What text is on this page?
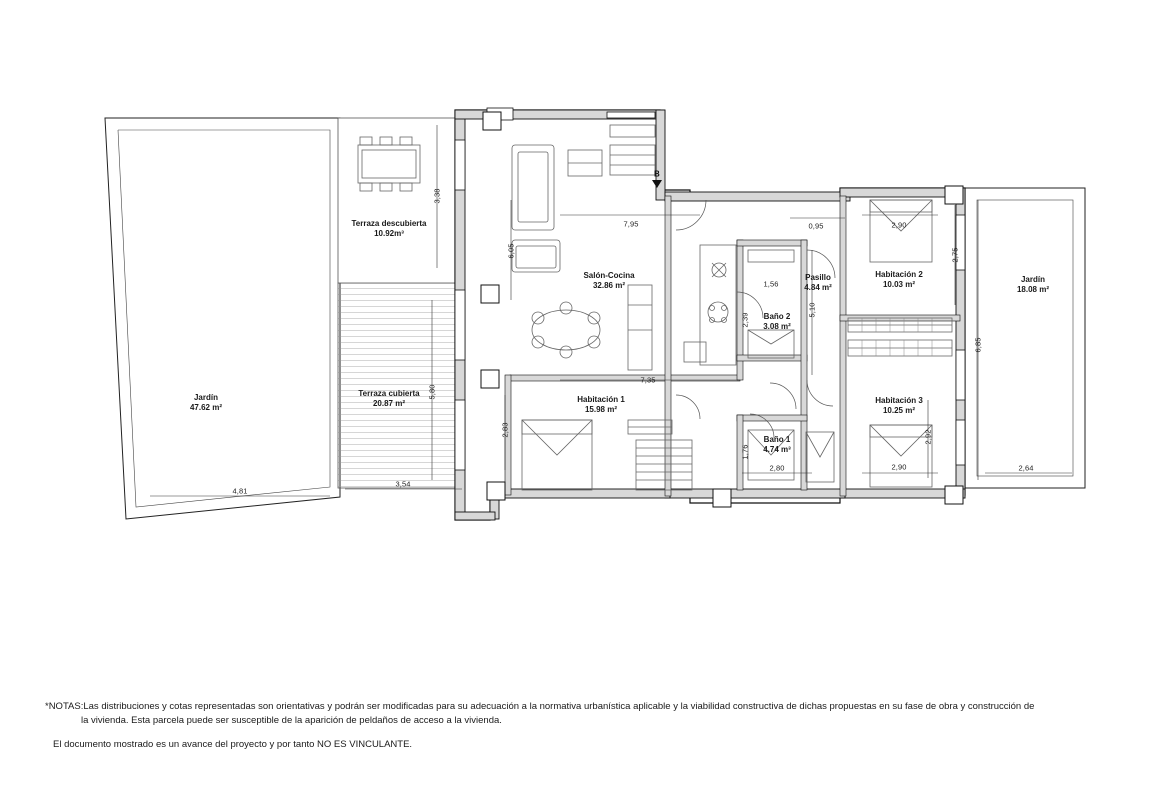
Jardín
47.62 m²
Terraza descubierta
10.92m³
Terraza cubierta
20.87 m²
Salón-Cocina
32.86 m²
Habitación 1
15.98 m²
Baño 2
3.08 m²
Baño 1
4.74 m³
Pasillo
4.84 m²
Habitación 2
10.03 m²
Habitación 3
10.25 m²
Jardín
18.08 m²
3,38
6,05
7,95	0,95	2,90
2,75
6,85
1,56
2,39
5,10
5,80
7,35
2,83
1,76
2,92
4,81
3,54
2,80	2,90	2,64
B
*NOTAS:Las distribuciones y cotas representadas son orientativas y podrán ser modificadas para su adecuación a la normativa urbanística aplicable y la viabilidad constructiva de dichas propuestas en su fase de obra y construcción de
la vivienda. Esta parcela puede ser susceptible de la aparición de peldaños de acceso a la vivienda.
El documento mostrado es un avance del proyecto y por tanto NO ES VINCULANTE.
